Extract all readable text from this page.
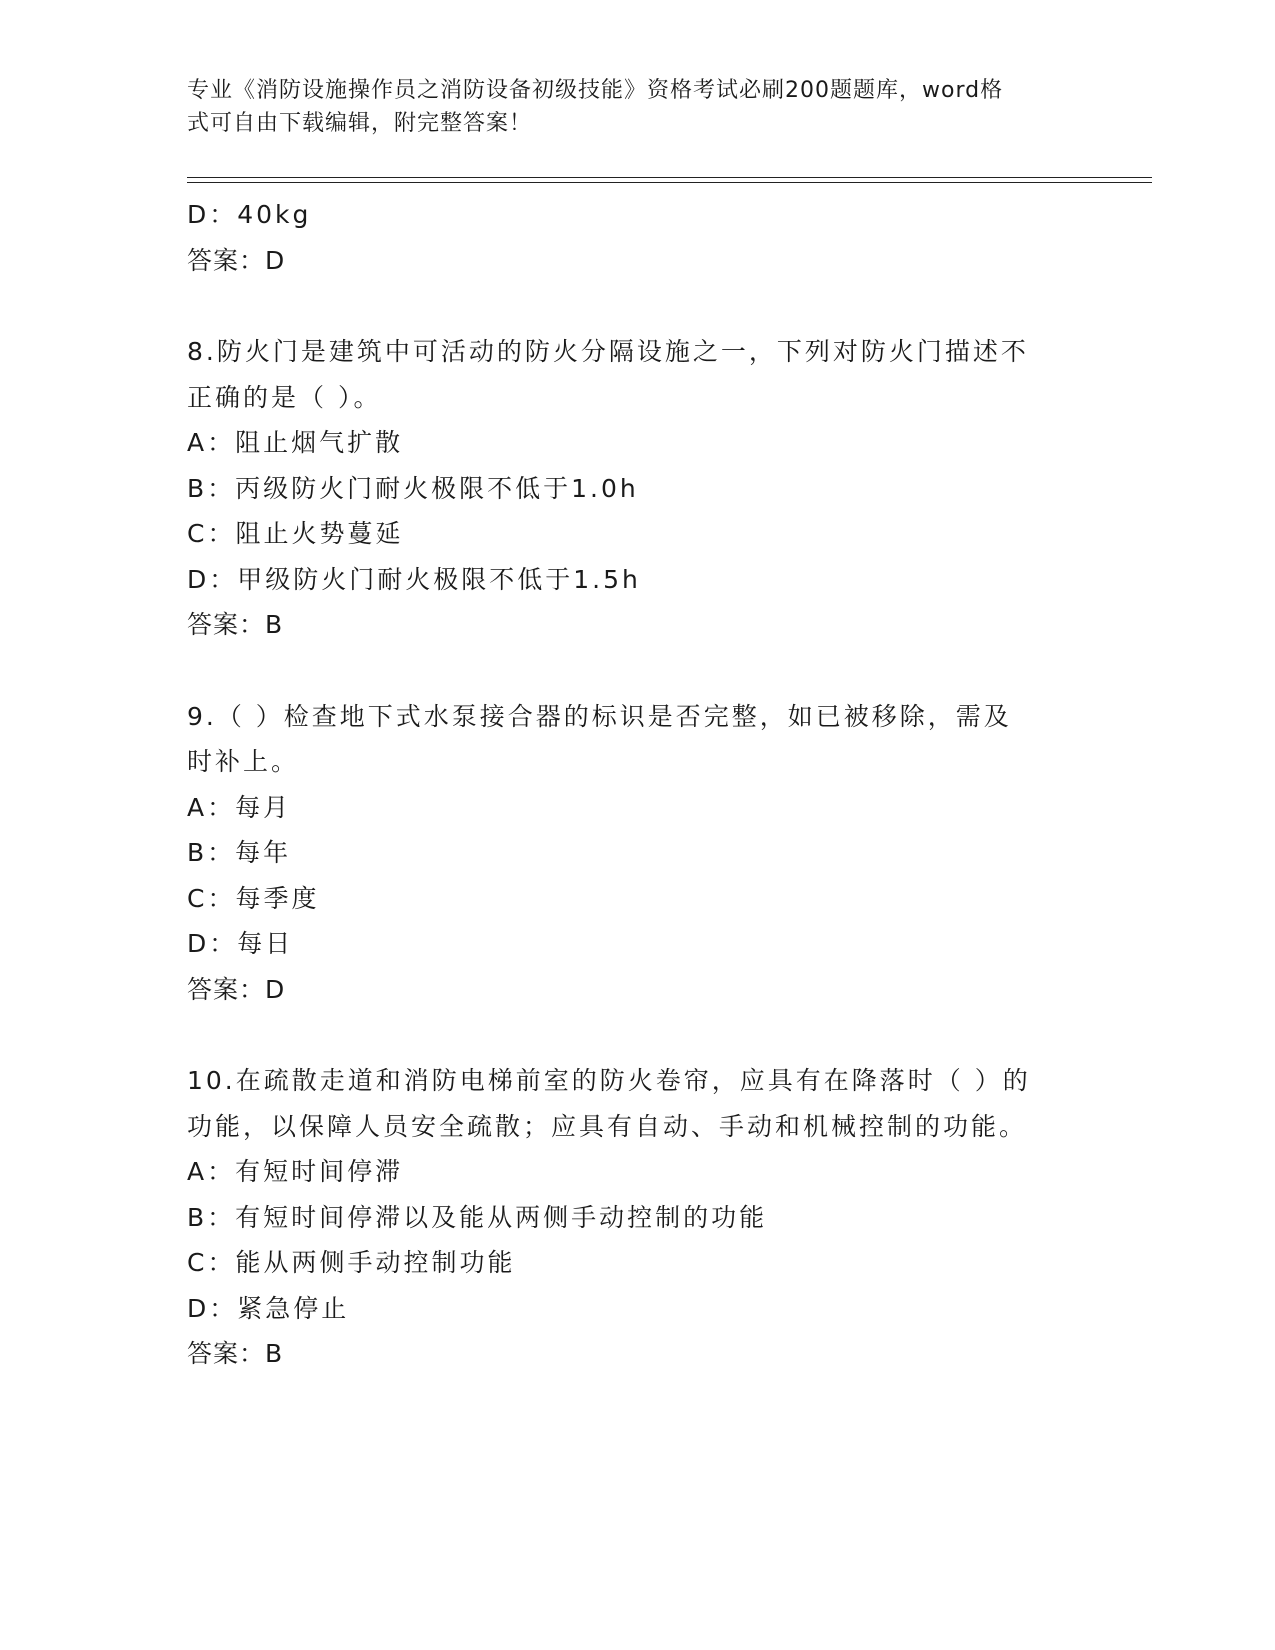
专业《消防设施操作员之消防设备初级技能》资格考试必刷200题题库，word格
式可自由下载编辑，附完整答案！
D：40kg
答案：D
8.防火门是建筑中可活动的防火分隔设施之一，下列对防火门描述不
正确的是（ ）。
A：阻止烟气扩散
B：丙级防火门耐火极限不低于1.0h
C：阻止火势蔓延
D：甲级防火门耐火极限不低于1.5h
答案：B
9.（ ）检查地下式水泵接合器的标识是否完整，如已被移除，需及
时补上。
A：每月
B：每年
C：每季度
D：每日
答案：D
10.在疏散走道和消防电梯前室的防火卷帘，应具有在降落时（ ）的
功能，以保障人员安全疏散；应具有自动、手动和机械控制的功能。
A：有短时间停滞
B：有短时间停滞以及能从两侧手动控制的功能
C：能从两侧手动控制功能
D：紧急停止
答案：B
